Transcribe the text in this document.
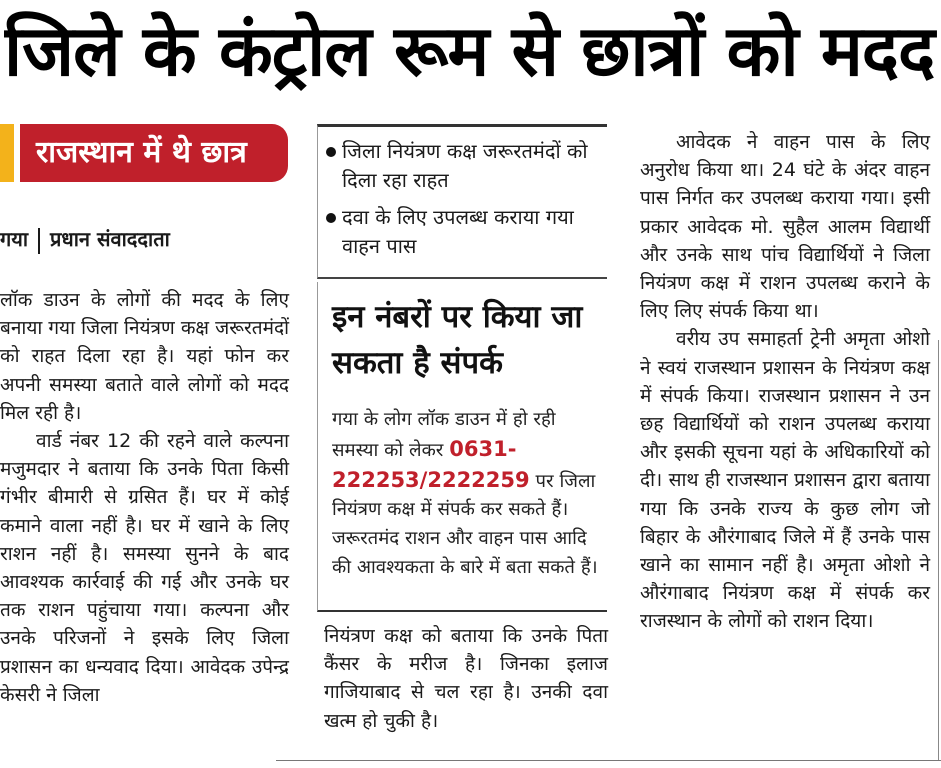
जिले के कंट्रोल रूम से छात्रों को मदद
राजस्थान में थे छात्र
गया प्रधान संवाददाता

लॉक डाउन के लोगों की मदद के लिए बनाया गया जिला नियंत्रण कक्ष जरूरतमंदों को राहत दिला रहा है। यहां फोन कर अपनी समस्या बताते वाले लोगों को मदद मिल रही है।

वार्ड नंबर 12 की रहने वाले कल्पना मजुमदार ने बताया कि उनके पिता किसी गंभीर बीमारी से ग्रसित हैं। घर में कोई कमाने वाला नहीं है। घर में खाने के लिए राशन नहीं है। समस्या सुनने के बाद आवश्यक कार्रवाई की गई और उनके घर तक राशन पहुंचाया गया। कल्पना और उनके परिजनों ने इसके लिए जिला प्रशासन का धन्यवाद दिया। आवेदक उपेन्द्र केसरी ने जिला

जिला नियंत्रण कक्ष जरूरतमंदों को दिला रहा राहत
दवा के लिए उपलब्ध कराया गया वाहन पास
इन नंबरों पर किया जा सकता है संपर्क
गया के लोग लॉक डाउन में हो रही समस्या को लेकर 0631-222253/2222259 पर जिला नियंत्रण कक्ष में संपर्क कर सकते हैं। जरूरतमंद राशन और वाहन पास आदि की आवश्यकता के बारे में बता सकते हैं।

नियंत्रण कक्ष को बताया कि उनके पिता कैंसर के मरीज है। जिनका इलाज गाजियाबाद से चल रहा है। उनकी दवा खत्म हो चुकी है।

आवेदक ने वाहन पास के लिए अनुरोध किया था। 24 घंटे के अंदर वाहन पास निर्गत कर उपलब्ध कराया गया। इसी प्रकार आवेदक मो. सुहैल आलम विद्यार्थी और उनके साथ पांच विद्यार्थियों ने जिला नियंत्रण कक्ष में राशन उपलब्ध कराने के लिए लिए संपर्क किया था।

वरीय उप समाहर्ता ट्रेनी अमृता ओशो ने स्वयं राजस्थान प्रशासन के नियंत्रण कक्ष में संपर्क किया। राजस्थान प्रशासन ने उन छह विद्यार्थियों को राशन उपलब्ध कराया और इसकी सूचना यहां के अधिकारियों को दी। साथ ही राजस्थान प्रशासन द्वारा बताया गया कि उनके राज्य के कुछ लोग जो बिहार के औरंगाबाद जिले में हैं उनके पास खाने का सामान नहीं है। अमृता ओशो ने औरंगाबाद नियंत्रण कक्ष में संपर्क कर राजस्थान के लोगों को राशन दिया।
